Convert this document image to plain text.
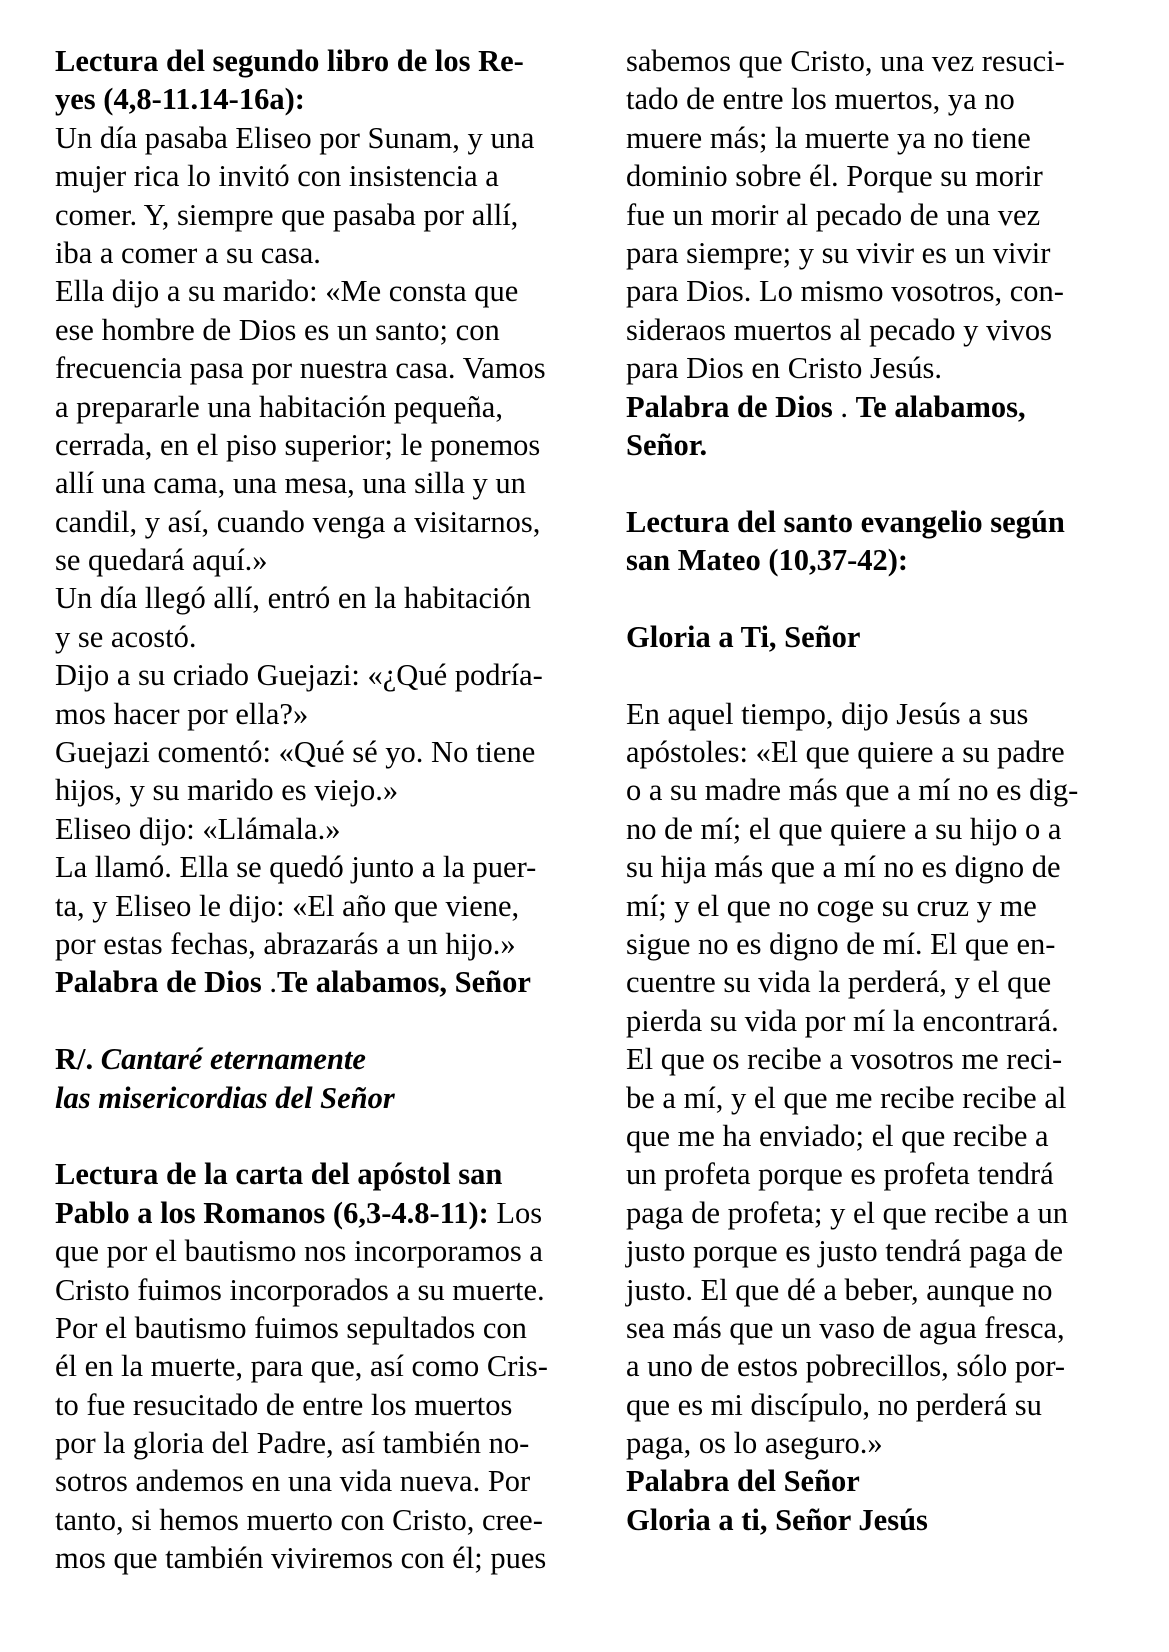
Lectura del segundo libro de los Re-
yes (4,8-11.14-16a):
Un día pasaba Eliseo por Sunam, y una
mujer rica lo invitó con insistencia a
comer. Y, siempre que pasaba por allí,
iba a comer a su casa.
Ella dijo a su marido: «Me consta que
ese hombre de Dios es un santo; con
frecuencia pasa por nuestra casa. Vamos
a prepararle una habitación pequeña,
cerrada, en el piso superior; le ponemos
allí una cama, una mesa, una silla y un
candil, y así, cuando venga a visitarnos,
se quedará aquí.»
Un día llegó allí, entró en la habitación
y se acostó.
Dijo a su criado Guejazi: «¿Qué podría-
mos hacer por ella?»
Guejazi comentó: «Qué sé yo. No tiene
hijos, y su marido es viejo.»
Eliseo dijo: «Llámala.»
La llamó. Ella se quedó junto a la puer-
ta, y Eliseo le dijo: «El año que viene,
por estas fechas, abrazarás a un hijo.»
Palabra de Dios .Te alabamos, Señor
R/. Cantaré eternamente
las misericordias del Señor
Lectura de la carta del apóstol san
Pablo a los Romanos (6,3-4.8-11): Los
que por el bautismo nos incorporamos a
Cristo fuimos incorporados a su muerte.
Por el bautismo fuimos sepultados con
él en la muerte, para que, así como Cris-
to fue resucitado de entre los muertos
por la gloria del Padre, así también no-
sotros andemos en una vida nueva. Por
tanto, si hemos muerto con Cristo, cree-
mos que también viviremos con él; pues
sabemos que Cristo, una vez resuci-
tado de entre los muertos, ya no
muere más; la muerte ya no tiene
dominio sobre él. Porque su morir
fue un morir al pecado de una vez
para siempre; y su vivir es un vivir
para Dios. Lo mismo vosotros, con-
sideraos muertos al pecado y vivos
para Dios en Cristo Jesús.
Palabra de Dios . Te alabamos,
Señor.
Lectura del santo evangelio según
san Mateo (10,37-42):
Gloria a Ti, Señor
En aquel tiempo, dijo Jesús a sus
apóstoles: «El que quiere a su padre
o a su madre más que a mí no es dig-
no de mí; el que quiere a su hijo o a
su hija más que a mí no es digno de
mí; y el que no coge su cruz y me
sigue no es digno de mí. El que en-
cuentre su vida la perderá, y el que
pierda su vida por mí la encontrará.
El que os recibe a vosotros me reci-
be a mí, y el que me recibe recibe al
que me ha enviado; el que recibe a
un profeta porque es profeta tendrá
paga de profeta; y el que recibe a un
justo porque es justo tendrá paga de
justo. El que dé a beber, aunque no
sea más que un vaso de agua fresca,
a uno de estos pobrecillos, sólo por-
que es mi discípulo, no perderá su
paga, os lo aseguro.»
Palabra del Señor
Gloria a ti, Señor Jesús
